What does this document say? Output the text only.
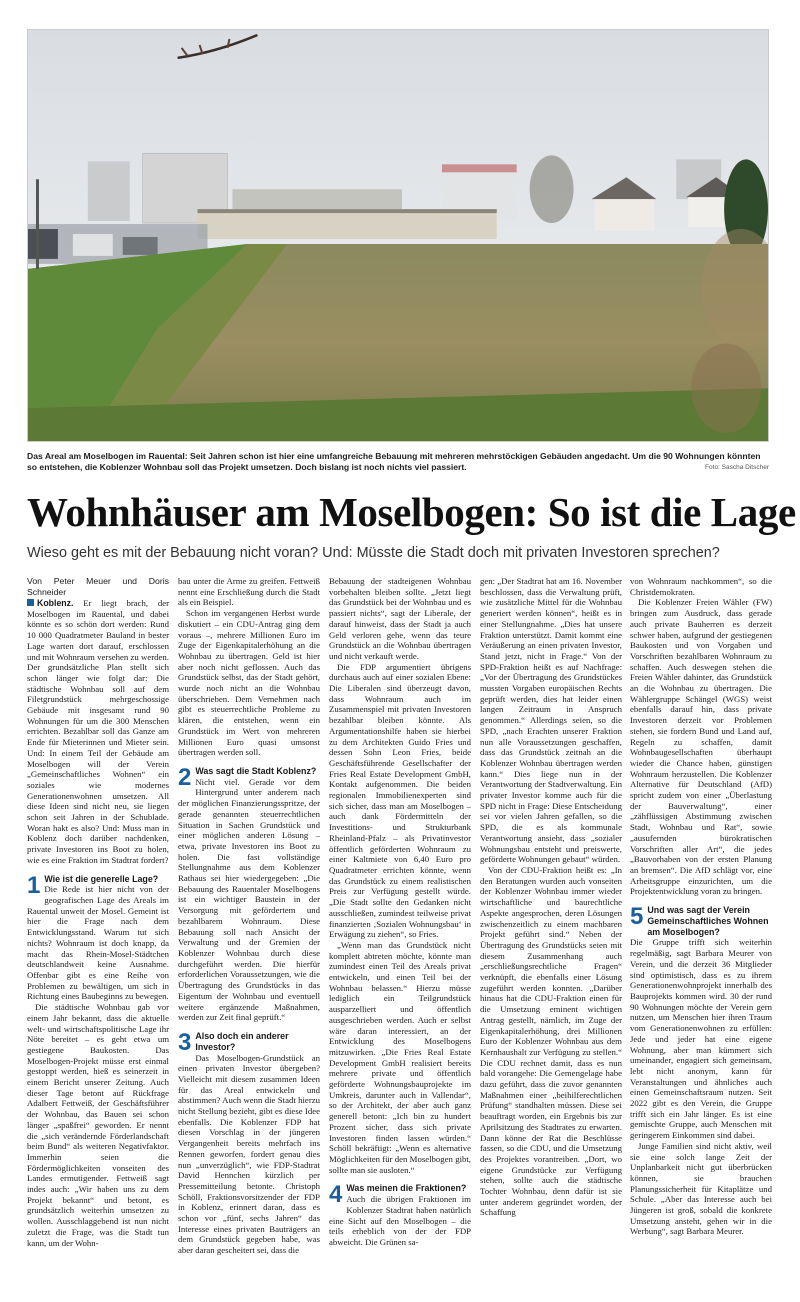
Das Areal am Moselbogen im Rauental: Seit Jahren schon ist hier eine umfangreiche Bebauung mit mehreren mehrstöckigen Gebäuden angedacht. Um die 90 Wohnungen könnten so entstehen, die Koblenzer Wohnbau soll das Projekt umsetzen. Doch bislang ist noch nichts viel passiert.	Foto: Sascha Ditscher
Wohnhäuser am Moselbogen: So ist die Lage
Wieso geht es mit der Bebauung nicht voran? Und: Müsste die Stadt doch mit privaten Investoren sprechen?

Von Peter Meuer und Doris Schneider

Koblenz. Er liegt brach, der Moselbogen im Rauental, und dabei könnte es so schön dort werden: Rund 10 000 Quadratmeter Bauland in bester Lage warten dort darauf, erschlossen und mit Wohnraum versehen zu werden. Der grundsätzliche Plan stellt sich schon länger wie folgt dar: Die städtische Wohnbau soll auf dem Filetgrundstück mehrgeschossige Gebäude mit insgesamt rund 90 Wohnungen für um die 300 Menschen errichten. Bezahlbar soll das Ganze am Ende für Mieterinnen und Mieter sein. Und: In einem Teil der Gebäude am Moselbogen will der Verein „Gemeinschaftliches Wohnen“ ein soziales wie modernes Generationenwohnen umsetzen. All diese Ideen sind nicht neu, sie liegen schon seit Jahren in der Schublade. Woran hakt es also? Und: Muss man in Koblenz doch darüber nachdenken, private Investoren ins Boot zu holen, wie es eine Fraktion im Stadtrat fordert?

1 Wie ist die generelle Lage?

Die Rede ist hier nicht von der geografischen Lage des Areals im Rauental unweit der Mosel. Gemeint ist hier die Frage nach dem Entwicklungsstand. Warum tut sich nichts? Wohnraum ist doch knapp, da macht das Rhein-Mosel-Städtchen deutschlandweit keine Ausnahme. Offenbar gibt es eine Reihe von Problemen zu bewältigen, um sich in Richtung eines Baubeginns zu bewegen.

Die städtische Wohnbau gab vor einem Jahr bekannt, dass die aktuelle welt- und wirtschaftspolitische Lage ihr Nöte bereitet – es geht etwa um gestiegene Baukosten. Das Moselbogen-Projekt müsse erst einmal gestoppt werden, hieß es seinerzeit in einem Bericht unserer Zeitung. Auch dieser Tage betont auf Rückfrage Adalbert Fettweiß, der Geschäftsführer der Wohnbau, das Bauen sei schon länger „spaßfrei“ geworden. Er nennt die „sich verändernde Förderlandschaft beim Bund“ als weiteren Negativfaktor. Immerhin seien die Fördermöglichkeiten vonseiten des Landes ermutigender. Fettweiß sagt indes auch: „Wir haben uns zu dem Projekt bekannt“ und betont, es grundsätzlich weiterhin umsetzen zu wollen. Ausschlaggebend ist nun nicht zuletzt die Frage, was die Stadt tun kann, um der Wohn-

bau unter die Arme zu greifen. Fettweiß nennt eine Erschließung durch die Stadt als ein Beispiel.

Schon im vergangenen Herbst wurde diskutiert – ein CDU-Antrag ging dem voraus –, mehrere Millionen Euro im Zuge der Eigenkapitalerhöhung an die Wohnbau zu übertragen. Geld ist hier aber noch nicht geflossen. Auch das Grundstück selbst, das der Stadt gehört, wurde noch nicht an die Wohnbau überschrieben. Dem Vernehmen nach gibt es steuerrechtliche Probleme zu klären, die entstehen, wenn ein Grundstück im Wert von mehreren Millionen Euro quasi umsonst übertragen werden soll.

2 Was sagt die Stadt Koblenz?

Nicht viel. Gerade vor dem Hintergrund unter anderem nach der möglichen Finanzierungsspritze, der gerade genannten steuerrechtlichen Situation in Sachen Grundstück und einer möglichen anderen Lösung – etwa, private Investoren ins Boot zu holen. Die fast vollständige Stellungnahme aus dem Koblenzer Rathaus sei hier wiedergegeben: „Die Bebauung des Rauentaler Moselbogens ist ein wichtiger Baustein in der Versorgung mit gefördertem und bezahlbarem Wohnraum. Diese Bebauung soll nach Ansicht der Verwaltung und der Gremien der Koblenzer Wohnbau durch diese durchgeführt werden. Die hierfür erforderlichen Voraussetzungen, wie die Übertragung des Grundstücks in das Eigentum der Wohnbau und eventuell weitere ergänzende Maßnahmen, werden zur Zeit final geprüft.“

3 Also doch ein anderer Investor?

Das Moselbogen-Grundstück an einen privaten Investor übergeben? Vielleicht mit diesem zusammen Ideen für das Areal entwickeln und abstimmen? Auch wenn die Stadt hierzu nicht Stellung bezieht, gibt es diese Idee ebenfalls. Die Koblenzer FDP hat diesen Vorschlag in der jüngeren Vergangenheit bereits mehrfach ins Rennen geworfen, fordert genau dies nun „unverzüglich“, wie FDP-Stadtrat David Hennchen kürzlich per Pressemitteilung betonte. Christoph Schöll, Fraktionsvorsitzender der FDP in Koblenz, erinnert daran, dass es schon vor „fünf, sechs Jahren“ das Interesse eines privaten Bauträgers an dem Grundstück gegeben habe, was aber daran gescheitert sei, dass die

Bebauung der stadteigenen Wohnbau vorbehalten bleiben sollte. „Jetzt liegt das Grundstück bei der Wohnbau und es passiert nichts“, sagt der Liberale, der darauf hinweist, dass der Stadt ja auch Geld verloren gehe, wenn das teure Grundstück an die Wohnbau übertragen und nicht verkauft werde.

Die FDP argumentiert übrigens durchaus auch auf einer sozialen Ebene: Die Liberalen sind überzeugt davon, dass Wohnraum auch im Zusammenspiel mit privaten Investoren bezahlbar bleiben könnte. Als Argumentationshilfe haben sie hierbei zu dem Architekten Guido Fries und dessen Sohn Leon Fries, beide Geschäftsführende Gesellschafter der Fries Real Estate Development GmbH, Kontakt aufgenommen. Die beiden regionalen Immobilienexperten sind sich sicher, dass man am Moselbogen – auch dank Fördermitteln der Investitions- und Strukturbank Rheinland-Pfalz – als Privatinvestor öffentlich geförderten Wohnraum zu einer Kaltmiete von 6,40 Euro pro Quadratmeter errichten könnte, wenn das Grundstück zu einem realistischen Preis zur Verfügung gestellt würde. „Die Stadt sollte den Gedanken nicht ausschließen, zumindest teilweise privat finanzierten ‚Sozialen Wohnungsbau‘ in Erwägung zu ziehen“, so Fries.

„Wenn man das Grundstück nicht komplett abtreten möchte, könnte man zumindest einen Teil des Areals privat entwickeln, und einen Teil bei der Wohnbau belassen.“ Hierzu müsse lediglich ein Teilgrundstück ausparzelliert und öffentlich ausgeschrieben werden. Auch er selbst wäre daran interessiert, an der Entwicklung des Moselbogens mitzuwirken. „Die Fries Real Estate Development GmbH realisiert bereits mehrere private und öffentlich geförderte Wohnungsbauprojekte im Umkreis, darunter auch in Vallendar“, so der Architekt, der aber auch ganz generell betont: „Ich bin zu hundert Prozent sicher, dass sich private Investoren finden lassen würden.“ Schöll bekräftigt: „Wenn es alternative Möglichkeiten für den Moselbogen gibt, sollte man sie ausloten.“

4 Was meinen die Fraktionen?

Auch die übrigen Fraktionen im Koblenzer Stadtrat haben natürlich eine Sicht auf den Moselbogen – die teils erheblich von der der FDP abweicht. Die Grünen sa-

gen: „Der Stadtrat hat am 16. November beschlossen, dass die Verwaltung prüft, wie zusätzliche Mittel für die Wohnbau generiert werden können“, heißt es in einer Stellungnahme. „Dies hat unsere Fraktion unterstützt. Damit kommt eine Veräußerung an einen privaten Investor, Stand jetzt, nicht in Frage.“ Von der SPD-Fraktion heißt es auf Nachfrage: „Vor der Übertragung des Grundstückes mussten Vorgaben europäischen Rechts geprüft werden, dies hat leider einen langen Zeitraum in Anspruch genommen.“ Allerdings seien, so die SPD, „nach Erachten unserer Fraktion nun alle Voraussetzungen geschaffen, dass das Grundstück zeitnah an die Koblenzer Wohnbau übertragen werden kann.“ Dies liege nun in der Verantwortung der Stadtverwaltung. Ein privater Investor komme auch für die SPD nicht in Frage: Diese Entscheidung sei vor vielen Jahren gefallen, so die SPD, die es als kommunale Verantwortung ansieht, dass „sozialer Wohnungsbau entsteht und preiswerte, geförderte Wohnungen gebaut“ würden.

Von der CDU-Fraktion heißt es: „In den Beratungen wurden auch vonseiten der Koblenzer Wohnbau immer wieder wirtschaftliche und baurechtliche Aspekte angesprochen, deren Lösungen zwischenzeitlich zu einem machbaren Projekt geführt sind.“ Neben der Übertragung des Grundstücks seien mit diesem Zusammenhang auch „erschließungsrechtliche Fragen“ verknüpft, die ebenfalls einer Lösung zugeführt werden konnten. „Darüber hinaus hat die CDU-Fraktion einen für die Umsetzung eminent wichtigen Antrag gestellt, nämlich, im Zuge der Eigenkapitalerhöhung, drei Millionen Euro der Koblenzer Wohnbau aus dem Kernhaushalt zur Verfügung zu stellen.“ Die CDU rechnet damit, dass es nun bald vorangehe: Die Gemengelage habe dazu geführt, dass die zuvor genannten Maßnahmen einer „beihilferechtlichen Prüfung“ standhalten müssen. Diese sei beauftragt worden, ein Ergebnis bis zur Aprilsitzung des Stadtrates zu erwarten. Dann könne der Rat die Beschlüsse fassen, so die CDU, und die Umsetzung des Projektes vorantreiben. „Dort, wo eigene Grundstücke zur Verfügung stehen, sollte auch die städtische Tochter Wohnbau, denn dafür ist sie unter anderem gegründet worden, der Schaffung

von Wohnraum nachkommen“, so die Christdemokraten.

Die Koblenzer Freien Wähler (FW) bringen zum Ausdruck, dass gerade auch private Bauherren es derzeit schwer haben, aufgrund der gestiegenen Baukosten und von Vorgaben und Vorschriften bezahlbaren Wohnraum zu schaffen. Auch deswegen stehen die Freien Wähler dahinter, das Grundstück an die Wohnbau zu übertragen. Die Wählergruppe Schängel (WGS) weist ebenfalls darauf hin, dass private Investoren derzeit vor Problemen stehen, sie fordern Bund und Land auf, Regeln zu schaffen, damit Wohnbaugesellschaften überhaupt wieder die Chance haben, günstigen Wohnraum herzustellen. Die Koblenzer Alternative für Deutschland (AfD) spricht zudem von einer „Überlastung der Bauverwaltung“, einer „zähflüssigen Abstimmung zwischen Stadt, Wohnbau und Rat“, sowie „ausufernden bürokratischen Vorschriften aller Art“, die jedes „Bauvorhaben von der ersten Planung an bremsen“. Die AfD schlägt vor, eine Arbeitsgruppe einzurichten, um die Projektentwicklung voran zu bringen.

5 Und was sagt der Verein Gemeinschaftliches Wohnen am Moselbogen?

Die Gruppe trifft sich weiterhin regelmäßig, sagt Barbara Meurer von Verein, und die derzeit 36 Mitglieder sind optimistisch, dass es zu ihrem Generationenwohnprojekt innerhalb des Bauprojekts kommen wird. 30 der rund 90 Wohnungen möchte der Verein gern nutzen, um Menschen hier ihren Traum vom Generationenwohnen zu erfüllen: Jede und jeder hat eine eigene Wohnung, aber man kümmert sich umeinander, engagiert sich gemeinsam, lebt nicht anonym, kann für Veranstaltungen und ähnliches auch einen Gemeinschaftsraum nutzen. Seit 2022 gibt es den Verein, die Gruppe trifft sich ein Jahr länger. Es ist eine gemischte Gruppe, auch Menschen mit geringerem Einkommen sind dabei.

Junge Familien sind nicht aktiv, weil sie eine solch lange Zeit der Unplanbarkeit nicht gut überbrücken können, sie brauchen Planungssicherheit für Kitaplätze und Schule. „Aber das Interesse auch bei Jüngeren ist groß, sobald die konkrete Umsetzung ansteht, gehen wir in die Werbung“, sagt Barbara Meurer.
